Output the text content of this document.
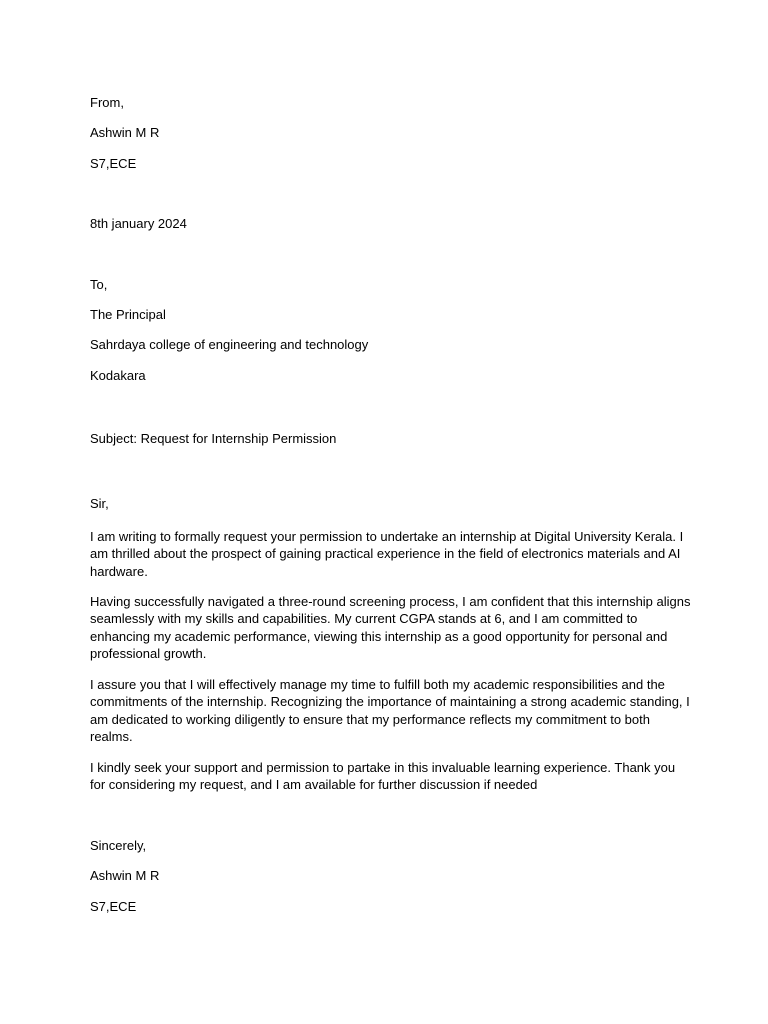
From,
Ashwin M R
S7,ECE
8th january 2024
To,
The Principal
Sahrdaya college of engineering and technology
Kodakara
Subject: Request for Internship Permission
Sir,
I am writing to formally request your permission to undertake an internship at Digital University Kerala. I
am thrilled about the prospect of gaining practical experience in the field of electronics materials and AI
hardware.
Having successfully navigated a three-round screening process, I am confident that this internship aligns
seamlessly with my skills and capabilities. My current CGPA stands at 6, and I am committed to
enhancing my academic performance, viewing this internship as a good opportunity for personal and
professional growth.
I assure you that I will effectively manage my time to fulfill both my academic responsibilities and the
commitments of the internship. Recognizing the importance of maintaining a strong academic standing, I
am dedicated to working diligently to ensure that my performance reflects my commitment to both
realms.
I kindly seek your support and permission to partake in this invaluable learning experience. Thank you
for considering my request, and I am available for further discussion if needed
Sincerely,
Ashwin M R
S7,ECE
